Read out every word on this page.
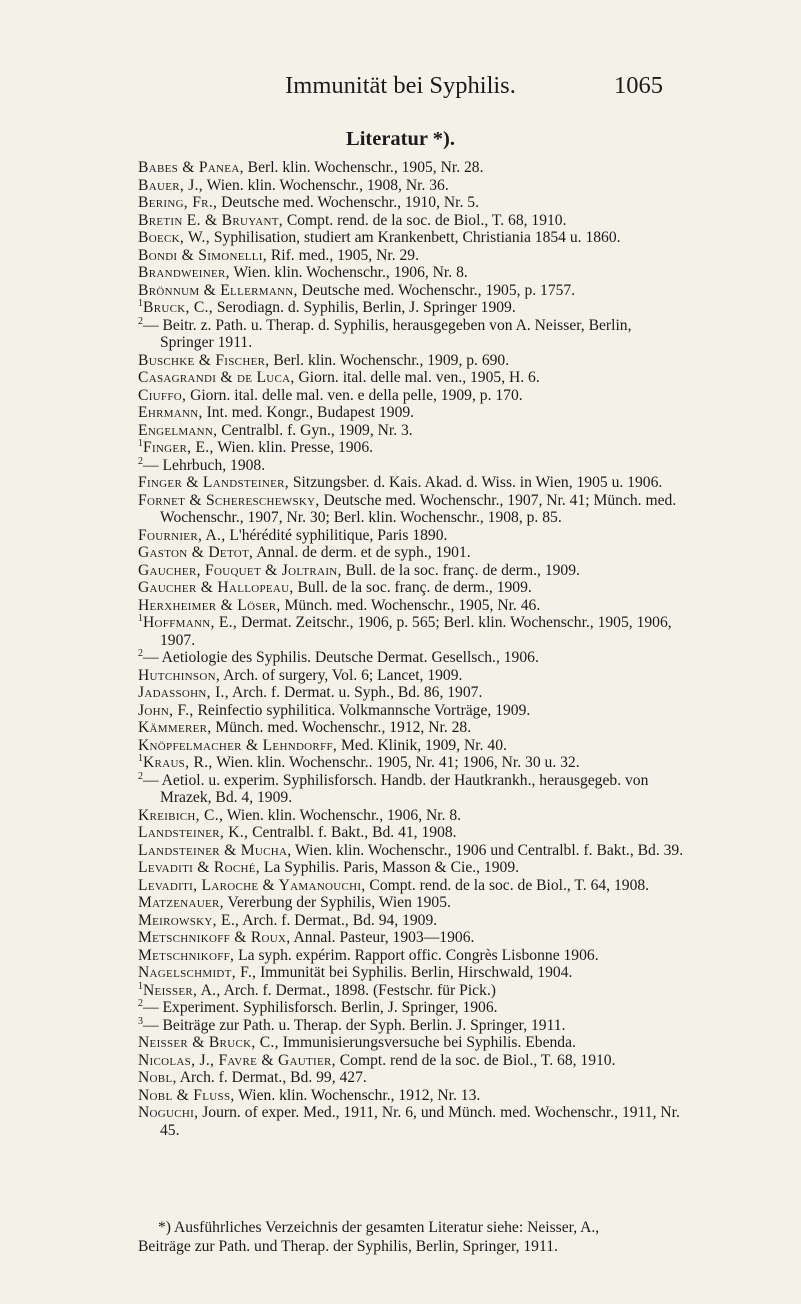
Immunität bei Syphilis.	1065
Literatur *).
Babes & Panea, Berl. klin. Wochenschr., 1905, Nr. 28.
Bauer, J., Wien. klin. Wochenschr., 1908, Nr. 36.
Bering, Fr., Deutsche med. Wochenschr., 1910, Nr. 5.
Bretin E. & Bruyant, Compt. rend. de la soc. de Biol., T. 68, 1910.
Boeck, W., Syphilisation, studiert am Krankenbett, Christiania 1854 u. 1860.
Bondi & Simonelli, Rif. med., 1905, Nr. 29.
Brandweiner, Wien. klin. Wochenschr., 1906, Nr. 8.
Brönnum & Ellermann, Deutsche med. Wochenschr., 1905, p. 1757.
$^1$Bruck, C., Serodiagn. d. Syphilis, Berlin, J. Springer 1909.
$^2$— Beitr. z. Path. u. Therap. d. Syphilis, herausgegeben von A. Neisser, Berlin, Springer 1911.
Buschke & Fischer, Berl. klin. Wochenschr., 1909, p. 690.
Casagrandi & de Luca, Giorn. ital. delle mal. ven., 1905, H. 6.
Ciuffo, Giorn. ital. delle mal. ven. e della pelle, 1909, p. 170.
Ehrmann, Int. med. Kongr., Budapest 1909.
Engelmann, Centralbl. f. Gyn., 1909, Nr. 3.
$^1$Finger, E., Wien. klin. Presse, 1906.
$^2$— Lehrbuch, 1908.
Finger & Landsteiner, Sitzungsber. d. Kais. Akad. d. Wiss. in Wien, 1905 u. 1906.
Fornet & Schereschewsky, Deutsche med. Wochenschr., 1907, Nr. 41; Münch. med. Wochenschr., 1907, Nr. 30; Berl. klin. Wochenschr., 1908, p. 85.
Fournier, A., L'hérédité syphilitique, Paris 1890.
Gaston & Detot, Annal. de derm. et de syph., 1901.
Gaucher, Fouquet & Joltrain, Bull. de la soc. franç. de derm., 1909.
Gaucher & Hallopeau, Bull. de la soc. franç. de derm., 1909.
Herxheimer & Löser, Münch. med. Wochenschr., 1905, Nr. 46.
$^1$Hoffmann, E., Dermat. Zeitschr., 1906, p. 565; Berl. klin. Wochenschr., 1905, 1906, 1907.
$^2$— Aetiologie des Syphilis. Deutsche Dermat. Gesellsch., 1906.
Hutchinson, Arch. of surgery, Vol. 6; Lancet, 1909.
Jadassohn, I., Arch. f. Dermat. u. Syph., Bd. 86, 1907.
John, F., Reinfectio syphilitica. Volkmannsche Vorträge, 1909.
Kämmerer, Münch. med. Wochenschr., 1912, Nr. 28.
Knöpfelmacher & Lehndorff, Med. Klinik, 1909, Nr. 40.
$^1$Kraus, R., Wien. klin. Wochenschr.. 1905, Nr. 41; 1906, Nr. 30 u. 32.
$^2$— Aetiol. u. experim. Syphilisforsch. Handb. der Hautkrankh., herausgegeb. von Mrazek, Bd. 4, 1909.
Kreibich, C., Wien. klin. Wochenschr., 1906, Nr. 8.
Landsteiner, K., Centralbl. f. Bakt., Bd. 41, 1908.
Landsteiner & Mucha, Wien. klin. Wochenschr., 1906 und Centralbl. f. Bakt., Bd. 39.
Levaditi & Roché, La Syphilis. Paris, Masson & Cie., 1909.
Levaditi, Laroche & Yamanouchi, Compt. rend. de la soc. de Biol., T. 64, 1908.
Matzenauer, Vererbung der Syphilis, Wien 1905.
Meirowsky, E., Arch. f. Dermat., Bd. 94, 1909.
Metschnikoff & Roux, Annal. Pasteur, 1903—1906.
Metschnikoff, La syph. expérim. Rapport offic. Congrès Lisbonne 1906.
Nagelschmidt, F., Immunität bei Syphilis. Berlin, Hirschwald, 1904.
$^1$Neisser, A., Arch. f. Dermat., 1898. (Festschr. für Pick.)
$^2$— Experiment. Syphilisforsch. Berlin, J. Springer, 1906.
$^3$— Beiträge zur Path. u. Therap. der Syph. Berlin. J. Springer, 1911.
Neisser & Bruck, C., Immunisierungsversuche bei Syphilis. Ebenda.
Nicolas, J., Favre & Gautier, Compt. rend de la soc. de Biol., T. 68, 1910.
Nobl, Arch. f. Dermat., Bd. 99, 427.
Nobl & Fluss, Wien. klin. Wochenschr., 1912, Nr. 13.
Noguchi, Journ. of exper. Med., 1911, Nr. 6, und Münch. med. Wochenschr., 1911, Nr. 45.
*) Ausführliches Verzeichnis der gesamten Literatur siehe: Neisser, A.,
Beiträge zur Path. und Therap. der Syphilis, Berlin, Springer, 1911.
